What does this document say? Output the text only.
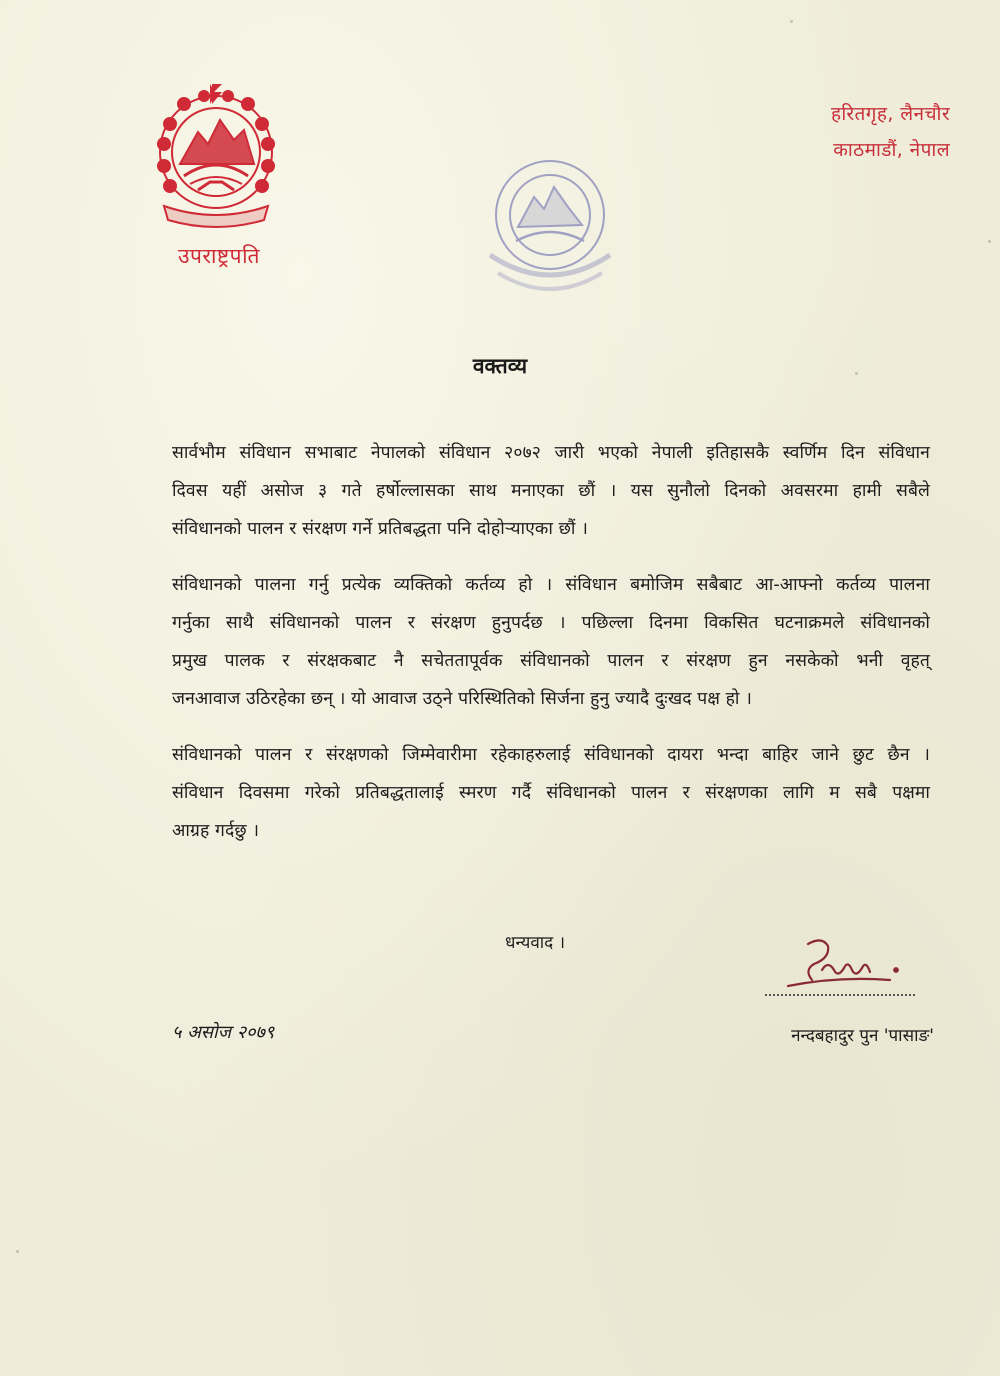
उपराष्ट्रपति
हरितगृह, लैनचौर
काठमाडौं, नेपाल
वक्तव्य
सार्वभौम संविधान सभाबाट नेपालको संविधान २०७२ जारी भएको नेपाली इतिहासकै स्वर्णिम दिन संविधान
दिवस यहीं असोज ३ गते हर्षोल्लासका साथ मनाएका छौं । यस सुनौलो दिनको अवसरमा हामी सबैले
संविधानको पालन र संरक्षण गर्ने प्रतिबद्धता पनि दोहोऱ्याएका छौं ।
संविधानको पालना गर्नु प्रत्येक व्यक्तिको कर्तव्य हो । संविधान बमोजिम सबैबाट आ-आफ्नो कर्तव्य पालना
गर्नुका साथै संविधानको पालन र संरक्षण हुनुपर्दछ । पछिल्ला दिनमा विकसित घटनाक्रमले संविधानको
प्रमुख पालक र संरक्षकबाट नै सचेततापूर्वक संविधानको पालन र संरक्षण हुन नसकेको भनी वृहत्
जनआवाज उठिरहेका छन् । यो आवाज उठ्ने परिस्थितिको सिर्जना हुनु ज्यादै दुःखद पक्ष हो ।
संविधानको पालन र संरक्षणको जिम्मेवारीमा रहेकाहरुलाई संविधानको दायरा भन्दा बाहिर जाने छुट छैन ।
संविधान दिवसमा गरेको प्रतिबद्धतालाई स्मरण गर्दै संविधानको पालन र संरक्षणका लागि म सबै पक्षमा
आग्रह गर्दछु ।
धन्यवाद ।
५ असोज २०७९	नन्दबहादुर पुन 'पासाङ'
